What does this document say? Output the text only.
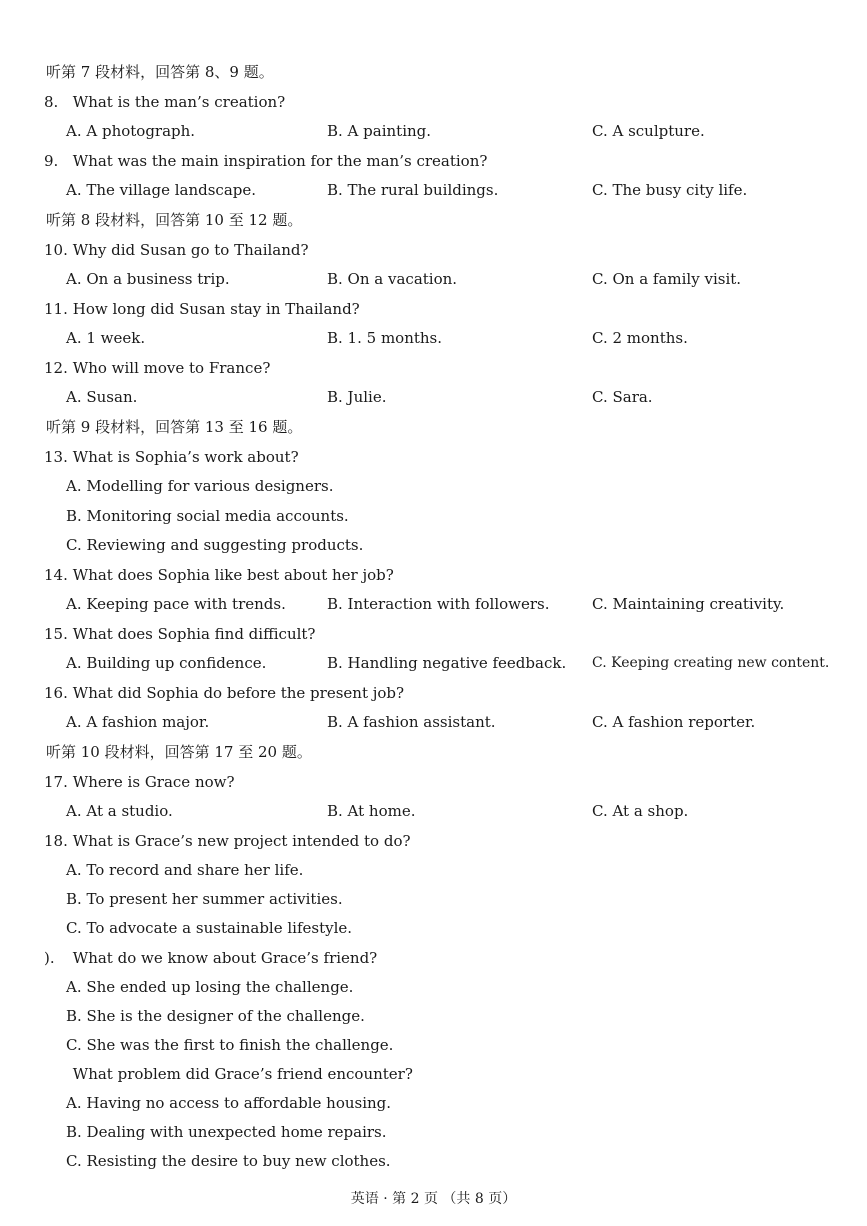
听第 7 段材料，回答第 8、9 题。
8. What is the man’s creation?
A. A photograph.	B. A painting.	C. A sculpture.
9. What was the main inspiration for the man’s creation?
A. The village landscape.	B. The rural buildings.	C. The busy city life.
听第 8 段材料，回答第 10 至 12 题。
10. Why did Susan go to Thailand?
A. On a business trip.	B. On a vacation.	C. On a family visit.
11. How long did Susan stay in Thailand?
A. 1 week.	B. 1. 5 months.	C. 2 months.
12. Who will move to France?
A. Susan.	B. Julie.	C. Sara.
听第 9 段材料，回答第 13 至 16 题。
13. What is Sophia’s work about?
A. Modelling for various designers.
B. Monitoring social media accounts.
C. Reviewing and suggesting products.
14. What does Sophia like best about her job?
A. Keeping pace with trends.	B. Interaction with followers.	C. Maintaining creativity.
15. What does Sophia find difficult?
A. Building up confidence.	B. Handling negative feedback. C. Keeping creating new content.
16. What did Sophia do before the present job?
A. A fashion major.	B. A fashion assistant.	C. A fashion reporter.
听第 10 段材料，回答第 17 至 20 题。
17. Where is Grace now?
A. At a studio.	B. At home.	C. At a shop.
18. What is Grace’s new project intended to do?
A. To record and share her life.
B. To present her summer activities.
C. To advocate a sustainable lifestyle.
). What do we know about Grace’s friend?
A. She ended up losing the challenge.
B. She is the designer of the challenge.
C. She was the first to finish the challenge.
What problem did Grace’s friend encounter?
A. Having no access to affordable housing.
B. Dealing with unexpected home repairs.
C. Resisting the desire to buy new clothes.
英语 · 第 2 页 （共 8 页）
